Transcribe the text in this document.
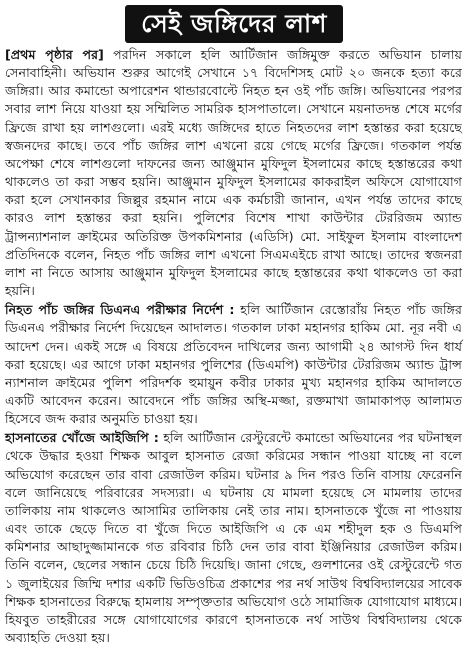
সেই জঙ্গিদের লাশ

[প্রথম পৃষ্ঠার পর] পরদিন সকালে হলি আর্টিজান জঙ্গিমুক্ত করতে অভিযান চালায় সেনাবাহিনী। অভিযান শুরুর আগেই সেখানে ১৭ বিদেশিসহ মোট ২০ জনকে হত্যা করে জঙ্গিরা। আর কমান্ডো অপারেশন থান্ডারবোল্টে নিহত হন ওই পাঁচ জঙ্গি। অভিযানের পরপর সবার লাশ নিয়ে যাওয়া হয় সম্মিলিত সামরিক হাসপাতালে। সেখানে ময়নাতদন্ত শেষে মর্গের ফ্রিজে রাখা হয় লাশগুলো। এরই মধ্যে জঙ্গিদের হাতে নিহতদের লাশ হস্তান্তর করা হয়েছে স্বজনদের কাছে। তবে পাঁচ জঙ্গির লাশ এখনো রয়ে গেছে মর্গের ফ্রিজে। গতকাল পর্যন্ত অপেক্ষা শেষে লাশগুলো দাফনের জন্য আঞ্জুমান মুফিদুল ইসলামের কাছে হস্তান্তরের কথা থাকলেও তা করা সম্ভব হয়নি। আঞ্জুমান মুফিদুল ইসলামের কাকরাইল অফিসে যোগাযোগ করা হলে সেখানকার জিল্লুর রহমান নামে এক কর্মচারী জানান, এখন পর্যন্ত তাদের কাছে কারও লাশ হস্তান্তর করা হয়নি। পুলিশের বিশেষ শাখা কাউন্টার টেররিজম অ্যান্ড ট্রান্সন্যাশনাল ক্রাইমের অতিরিক্ত উপকমিশনার (এডিসি) মো. সাইফুল ইসলাম বাংলাদেশ প্রতিদিনকে বলেন, নিহত পাঁচ জঙ্গির লাশ এখনো সিএমএইচে রাখা আছে। তাদের স্বজনরা লাশ না নিতে আসায় আঞ্জুমান মুফিদুল ইসলামের কাছে হস্তান্তরের কথা থাকলেও তা করা হয়নি।

নিহত পাঁচ জঙ্গির ডিএনএ পরীক্ষার নির্দেশ : হলি আর্টিজান রেস্তোরাঁয় নিহত পাঁচ জঙ্গির ডিএনএ পরীক্ষার নির্দেশ দিয়েছেন আদালত। গতকাল ঢাকা মহানগর হাকিম মো. নূর নবী এ আদেশ দেন। একই সঙ্গে এ বিষয়ে প্রতিবেদন দাখিলের জন্য আগামী ২৪ আগস্ট দিন ধার্য করা হয়েছে। এর আগে ঢাকা মহানগর পুলিশের (ডিএমপি) কাউন্টার টেররিজম অ্যান্ড ট্রান্স ন্যাশনাল ক্রাইমের পুলিশ পরিদর্শক হুমায়ুন কবীর ঢাকার মুখ্য মহানগর হাকিম আদালতে একটি আবেদন করেন। আবেদনে পাঁচ জঙ্গির অস্থি-মজ্জা, রক্তমাখা জামাকাপড় আলামত হিসেবে জব্দ করার অনুমতি চাওয়া হয়।

হাসনাতের খোঁজে আইজিপি : হলি আর্টিজান রেস্টুরেন্টে কমান্ডো অভিযানের পর ঘটনাস্থল থেকে উদ্ধার হওয়া শিক্ষক আবুল হাসনাত রেজা করিমের সন্ধান পাওয়া যাচ্ছে না বলে অভিযোগ করেছেন তার বাবা রেজাউল করিম। ঘটনার ৯ দিন পরও তিনি বাসায় ফেরেননি বলে জানিয়েছে পরিবারের সদস্যরা। এ ঘটনায় যে মামলা হয়েছে সে মামলায় তাদের তালিকায় নাম থাকলেও আসামির তালিকায় নেই তার নাম। হাসনাতকে খুঁজে না পাওয়ায় এবং তাকে ছেড়ে দিতে বা খুঁজে দিতে আইজিপি এ কে এম শহীদুল হক ও ডিএমপি কমিশনার আছাদুজ্জামানকে গত রবিবার চিঠি দেন তার বাবা ইঞ্জিনিয়ার রেজাউল করিম। তিনি বলেন, ছেলের সন্ধান চেয়ে চিঠি দিয়েছি। জানা গেছে, গুলশানের ওই রেস্টুরেন্টে গত ১ জুলাইয়ের জিম্মি দশার একটি ভিডিওচিত্র প্রকাশের পর নর্থ সাউথ বিশ্ববিদ্যালয়ের সাবেক শিক্ষক হাসনাতের বিরুদ্ধে হামলায় সম্পৃক্ততার অভিযোগ ওঠে সামাজিক যোগাযোগ মাধ্যমে। হিযবুত তাহরীরের সঙ্গে যোগাযোগের কারণে হাসনাতকে নর্থ সাউথ বিশ্ববিদ্যালয় থেকে অব্যাহতি দেওয়া হয়।
